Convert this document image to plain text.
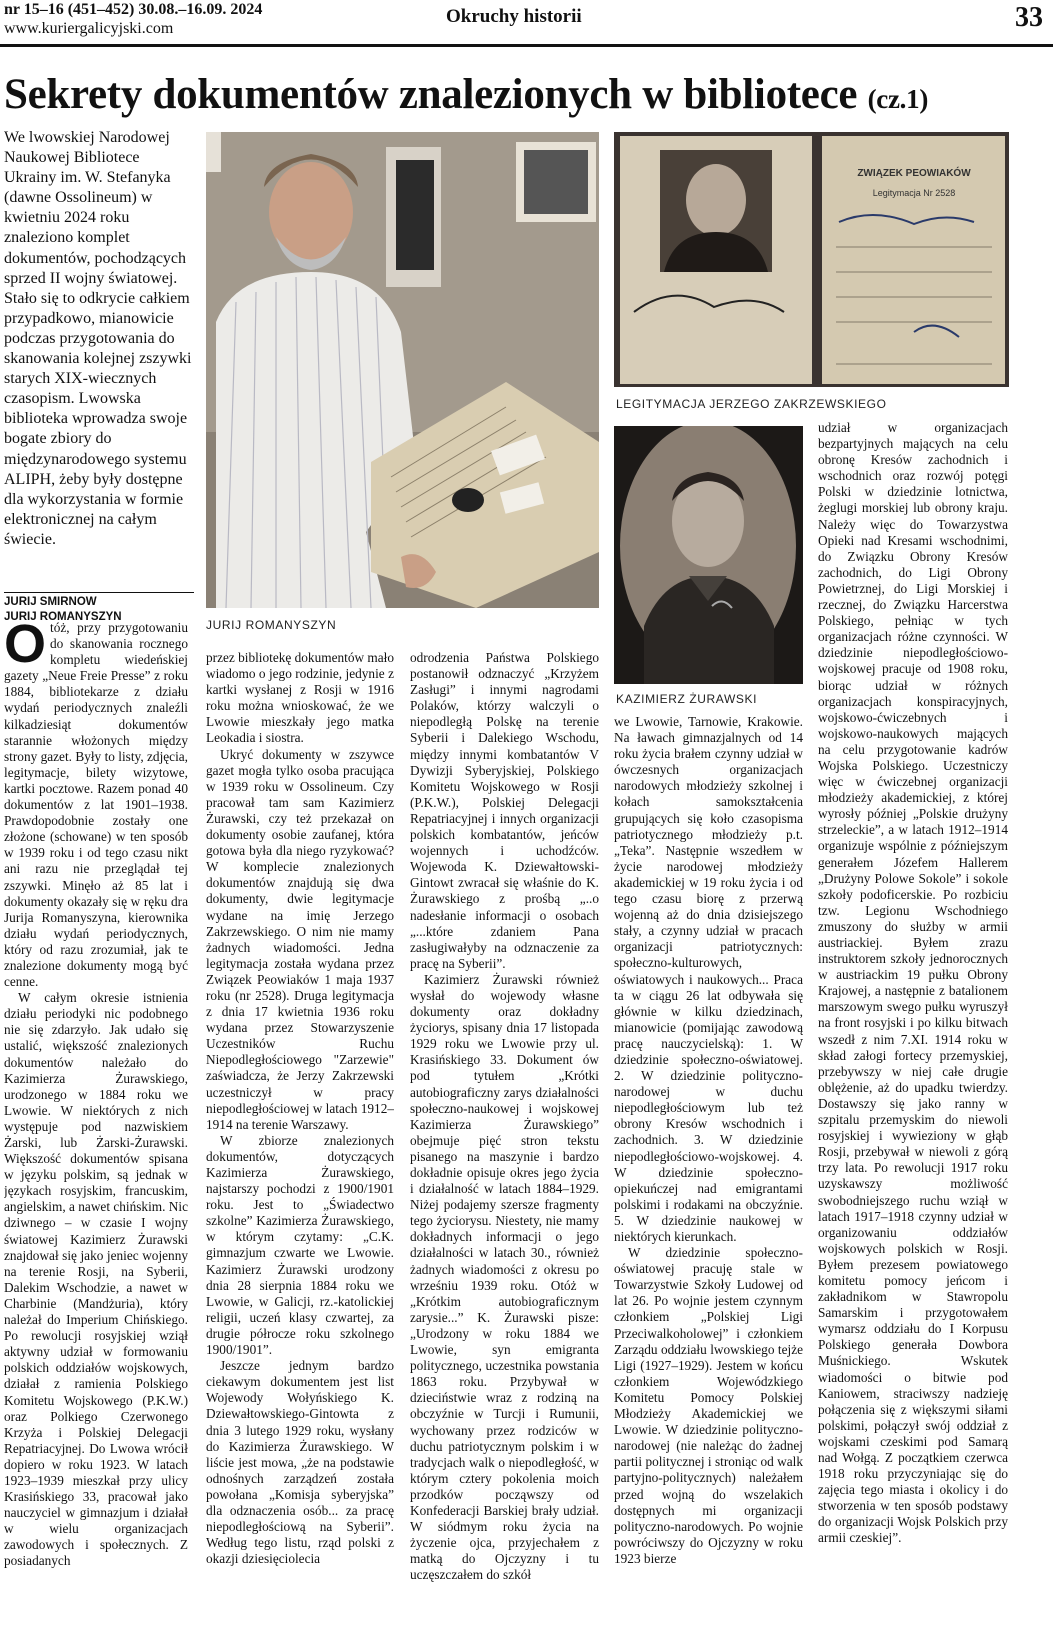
nr 15–16 (451–452) 30.08.–16.09. 2024
www.kuriergalicyjski.com
Okruchy historii	33
Sekrety dokumentów znalezionych w bibliotece (cz.1)
We lwowskiej Narodowej Naukowej Bibliotece Ukrainy im. W. Stefanyka (dawne Ossolineum) w kwietniu 2024 roku znaleziono komplet dokumentów, pochodzących sprzed II wojny światowej. Stało się to odkrycie całkiem przypadkowo, mianowicie podczas przygotowania do skanowania kolejnej zszywki starych XIX-wiecznych czasopism. Lwowska biblioteka wprowadza swoje bogate zbiory do międzynarodowego systemu ALIPH, żeby były dostępne dla wykorzystania w formie elektronicznej na całym świecie.
JURIJ SMIRNOW
JURIJ ROMANYSZYN
JURIJ ROMANYSZYN
ZWIĄZEK PEOWIAKÓW
Legitymacja Nr 2528
LEGITYMACJA JERZEGO ZAKRZEWSKIEGO
KAZIMIERZ ŻURAWSKI

Otóż, przy przygotowaniu do skanowania rocznego kompletu wiedeńskiej gazety „Neue Freie Presse” z roku 1884, bibliotekarze z działu wydań periodycznych znaleźli kilkadziesiąt dokumentów starannie włożonych między strony gazet. Były to listy, zdjęcia, legitymacje, bilety wizytowe, kartki pocztowe. Razem ponad 40 dokumentów z lat 1901–1938. Prawdopodobnie zostały one złożone (schowane) w ten sposób w 1939 roku i od tego czasu nikt ani razu nie przeglądał tej zszywki. Minęło aż 85 lat i dokumenty okazały się w ręku dra Jurija Romanyszyna, kierownika działu wydań periodycznych, który od razu zrozumiał, jak te znalezione dokumenty mogą być cenne.

W całym okresie istnienia działu periodyki nic podobnego nie się zdarzyło. Jak udało się ustalić, większość znalezionych dokumentów należało do Kazimierza Żurawskiego, urodzonego w 1884 roku we Lwowie. W niektórych z nich występuje pod nazwiskiem Żarski, lub Żarski-Żurawski. Większość dokumentów spisana w języku polskim, są jednak w językach rosyjskim, francuskim, angielskim, a nawet chińskim. Nic dziwnego – w czasie I wojny światowej Kazimierz Żurawski znajdował się jako jeniec wojenny na terenie Rosji, na Syberii, Dalekim Wschodzie, a nawet w Charbinie (Mandżuria), który należał do Imperium Chińskiego. Po rewolucji rosyjskiej wziął aktywny udział w formowaniu polskich oddziałów wojskowych, działał z ramienia Polskiego Komitetu Wojskowego (P.K.W.) oraz Polkiego Czerwonego Krzyża i Polskiej Delegacji Repatriacyjnej. Do Lwowa wrócił dopiero w roku 1923. W latach 1923–1939 mieszkał przy ulicy Krasińskiego 33, pracował jako nauczyciel w gimnazjum i działał w wielu organizacjach zawodowych i społecznych. Z posiadanych

przez bibliotekę dokumentów mało wiadomo o jego rodzinie, jedynie z kartki wysłanej z Rosji w 1916 roku można wnioskować, że we Lwowie mieszkały jego matka Leokadia i siostra.

Ukryć dokumenty w zszywce gazet mogła tylko osoba pracująca w 1939 roku w Ossolineum. Czy pracował tam sam Kazimierz Żurawski, czy też przekazał on dokumenty osobie zaufanej, która gotowa była dla niego ryzykować? W komplecie znalezionych dokumentów znajdują się dwa dokumenty, dwie legitymacje wydane na imię Jerzego Zakrzewskiego. O nim nie mamy żadnych wiadomości. Jedna legitymacja została wydana przez Związek Peowiaków 1 maja 1937 roku (nr 2528). Druga legitymacja z dnia 17 kwietnia 1936 roku wydana przez Stowarzyszenie Uczestników Ruchu Niepodległościowego "Zarzewie" zaświadcza, że Jerzy Zakrzewski uczestniczył w pracy niepodległościowej w latach 1912–1914 na terenie Warszawy.

W zbiorze znalezionych dokumentów, dotyczących Kazimierza Żurawskiego, najstarszy pochodzi z 1900/1901 roku. Jest to „Świadectwo szkolne” Kazimierza Żurawskiego, w którym czytamy: „C.K. gimnazjum czwarte we Lwowie. Kazimierz Żurawski urodzony dnia 28 sierpnia 1884 roku we Lwowie, w Galicji, rz.-katolickiej religii, uczeń klasy czwartej, za drugie półrocze roku szkolnego 1900/1901”.

Jeszcze jednym bardzo ciekawym dokumentem jest list Wojewody Wołyńskiego K. Dziewałtowskiego-Gintowta z dnia 3 lutego 1929 roku, wysłany do Kazimierza Żurawskiego. W liście jest mowa, „że na podstawie odnośnych zarządzeń została powołana „Komisja syberyjska” dla odznaczenia osób... za pracę niepodległościową na Syberii”. Według tego listu, rząd polski z okazji dziesięciolecia

odrodzenia Państwa Polskiego postanowił odznaczyć „Krzyżem Zasługi” i innymi nagrodami Polaków, którzy walczyli o niepodległą Polskę na terenie Syberii i Dalekiego Wschodu, między innymi kombatantów V Dywizji Syberyjskiej, Polskiego Komitetu Wojskowego w Rosji (P.K.W.), Polskiej Delegacji Repatriacyjnej i innych organizacji polskich kombatantów, jeńców wojennych i uchodźców. Wojewoda K. Dziewałtowski-Gintowt zwracał się właśnie do K. Żurawskiego z prośbą „..o nadesłanie informacji o osobach „...które zdaniem Pana zasługiwałyby na odznaczenie za pracę na Syberii”.

Kazimierz Żurawski również wysłał do wojewody własne dokumenty oraz dokładny życiorys, spisany dnia 17 listopada 1929 roku we Lwowie przy ul. Krasińskiego 33. Dokument ów pod tytułem „Krótki autobiograficzny zarys działalności społeczno-naukowej i wojskowej Kazimierza Żurawskiego” obejmuje pięć stron tekstu pisanego na maszynie i bardzo dokładnie opisuje okres jego życia i działalność w latach 1884–1929. Niżej podajemy szersze fragmenty tego życiorysu. Niestety, nie mamy dokładnych informacji o jego działalności w latach 30., również żadnych wiadomości z okresu po wrześniu 1939 roku. Otóż w „Krótkim autobiograficznym zarysie...” K. Żurawski pisze: „Urodzony w roku 1884 we Lwowie, syn emigranta politycznego, uczestnika powstania 1863 roku. Przybywał w dzieciństwie wraz z rodziną na obczyźnie w Turcji i Rumunii, wychowany przez rodziców w duchu patriotycznym polskim i w tradycjach walk o niepodległość, w którym cztery pokolenia moich przodków począwszy od Konfederacji Barskiej brały udział. W siódmym roku życia na życzenie ojca, przyjechałem z matką do Ojczyzny i tu uczęszczałem do szkół

we Lwowie, Tarnowie, Krakowie. Na ławach gimnazjalnych od 14 roku życia brałem czynny udział w ówczesnych organizacjach narodowych młodzieży szkolnej i kołach samokształcenia grupujących się koło czasopisma patriotycznego młodzieży p.t. „Teka”. Następnie wszedłem w życie narodowej młodzieży akademickiej w 19 roku życia i od tego czasu biorę z przerwą wojenną aż do dnia dzisiejszego stały, a czynny udział w pracach organizacji patriotycznych: społeczno-kulturowych, oświatowych i naukowych... Praca ta w ciągu 26 lat odbywała się głównie w kilku dziedzinach, mianowicie (pomijając zawodową pracę nauczycielską): 1. W dziedzinie społeczno-oświatowej. 2. W dziedzinie polityczno-narodowej w duchu niepodległościowym lub też obrony Kresów wschodnich i zachodnich. 3. W dziedzinie niepodległościowo-wojskowej. 4. W dziedzinie społeczno-opiekuńczej nad emigrantami polskimi i rodakami na obczyźnie. 5. W dziedzinie naukowej w niektórych kierunkach.

W dziedzinie społeczno-oświatowej pracuję stale w Towarzystwie Szkoły Ludowej od lat 26. Po wojnie jestem czynnym członkiem „Polskiej Ligi Przeciwalkoholowej” i członkiem Zarządu oddziału lwowskiego tejże Ligi (1927–1929). Jestem w końcu członkiem Wojewódzkiego Komitetu Pomocy Polskiej Młodzieży Akademickiej we Lwowie. W dziedzinie polityczno-narodowej (nie należąc do żadnej partii politycznej i stroniąc od walk partyjno-politycznych) należałem przed wojną do wszelakich dostępnych mi organizacji polityczno-narodowych. Po wojnie powróciwszy do Ojczyzny w roku 1923 bierze

udział w organizacjach bezpartyjnych mających na celu obronę Kresów zachodnich i wschodnich oraz rozwój potęgi Polski w dziedzinie lotnictwa, żeglugi morskiej lub obrony kraju. Należy więc do Towarzystwa Opieki nad Kresami wschodnimi, do Związku Obrony Kresów zachodnich, do Ligi Obrony Powietrznej, do Ligi Morskiej i rzecznej, do Związku Harcerstwa Polskiego, pełniąc w tych organizacjach różne czynności. W dziedzinie niepodległościowo-wojskowej pracuje od 1908 roku, biorąc udział w różnych organizacjach konspiracyjnych, wojskowo-ćwiczebnych i wojskowo-naukowych mających na celu przygotowanie kadrów Wojska Polskiego. Uczestniczy więc w ćwiczebnej organizacji młodzieży akademickiej, z której wyrosły później „Polskie drużyny strzeleckie”, a w latach 1912–1914 organizuje wspólnie z późniejszym generałem Józefem Hallerem „Drużyny Polowe Sokole” i sokole szkoły podoficerskie. Po rozbiciu tzw. Legionu Wschodniego zmuszony do służby w armii austriackiej. Byłem zrazu instruktorem szkoły jednorocznych w austriackim 19 pułku Obrony Krajowej, a następnie z batalionem marszowym swego pułku wyruszył na front rosyjski i po kilku bitwach wszedł z nim 7.XI. 1914 roku w skład załogi fortecy przemyskiej, przebywszy w niej całe drugie oblężenie, aż do upadku twierdzy. Dostawszy się jako ranny w szpitalu przemyskim do niewoli rosyjskiej i wywieziony w głąb Rosji, przebywał w niewoli z górą trzy lata. Po rewolucji 1917 roku uzyskawszy możliwość swobodniejszego ruchu wziął w latach 1917–1918 czynny udział w organizowaniu oddziałów wojskowych polskich w Rosji. Byłem prezesem powiatowego komitetu pomocy jeńcom i zakładnikom w Stawropolu Samarskim i przygotowałem wymarsz oddziału do I Korpusu Polskiego generała Dowbora Muśnickiego. Wskutek wiadomości o bitwie pod Kaniowem, straciwszy nadzieję połączenia się z większymi siłami polskimi, połączył swój oddział z wojskami czeskimi pod Samarą nad Wołgą. Z początkiem czerwca 1918 roku przyczyniając się do zajęcia tego miasta i okolicy i do stworzenia w ten sposób podstawy do organizacji Wojsk Polskich przy armii czeskiej”.
